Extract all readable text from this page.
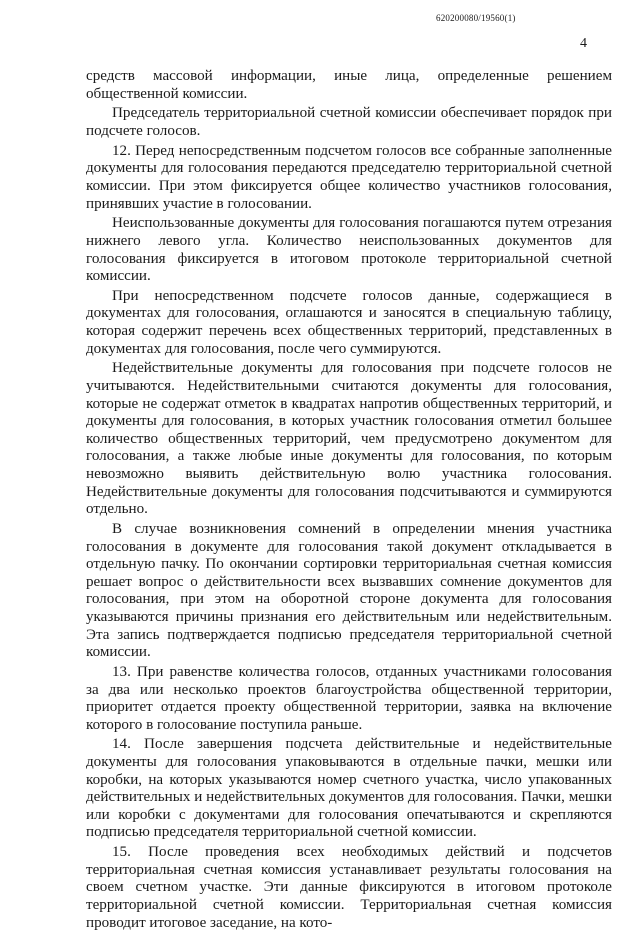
620200080/19560(1)
4

средств массовой информации, иные лица, определенные решением общественной комиссии.

Председатель территориальной счетной комиссии обеспечивает порядок при подсчете голосов.

12. Перед непосредственным подсчетом голосов все собранные заполненные документы для голосования передаются председателю территориальной счетной комиссии. При этом фиксируется общее количество участников голосования, принявших участие в голосовании.

Неиспользованные документы для голосования погашаются путем отрезания нижнего левого угла. Количество неиспользованных документов для голосования фиксируется в итоговом протоколе территориальной счетной комиссии.

При непосредственном подсчете голосов данные, содержащиеся в документах для голосования, оглашаются и заносятся в специальную таблицу, которая содержит перечень всех общественных территорий, представленных в документах для голосования, после чего суммируются.

Недействительные документы для голосования при подсчете голосов не учитываются. Недействительными считаются документы для голосования, которые не содержат отметок в квадратах напротив общественных территорий, и документы для голосования, в которых участник голосования отметил большее количество общественных территорий, чем предусмотрено документом для голосования, а также любые иные документы для голосования, по которым невозможно выявить действительную волю участника голосования. Недействительные документы для голосования подсчитываются и суммируются отдельно.

В случае возникновения сомнений в определении мнения участника голосования в документе для голосования такой документ откладывается в отдельную пачку. По окончании сортировки территориальная счетная комиссия решает вопрос о действительности всех вызвавших сомнение документов для голосования, при этом на оборотной стороне документа для голосования указываются причины признания его действительным или недействительным. Эта запись подтверждается подписью председателя территориальной счетной комиссии.

13. При равенстве количества голосов, отданных участниками голосования за два или несколько проектов благоустройства общественной территории, приоритет отдается проекту общественной территории, заявка на включение которого в голосование поступила раньше.

14. После завершения подсчета действительные и недействительные документы для голосования упаковываются в отдельные пачки, мешки или коробки, на которых указываются номер счетного участка, число упакованных действительных и недействительных документов для голосования. Пачки, мешки или коробки с документами для голосования опечатываются и скрепляются подписью председателя территориальной счетной комиссии.

15. После проведения всех необходимых действий и подсчетов территориальная счетная комиссия устанавливает результаты голосования на своем счетном участке. Эти данные фиксируются в итоговом протоколе территориальной счетной комиссии. Территориальная счетная комиссия проводит итоговое заседание, на кото-
